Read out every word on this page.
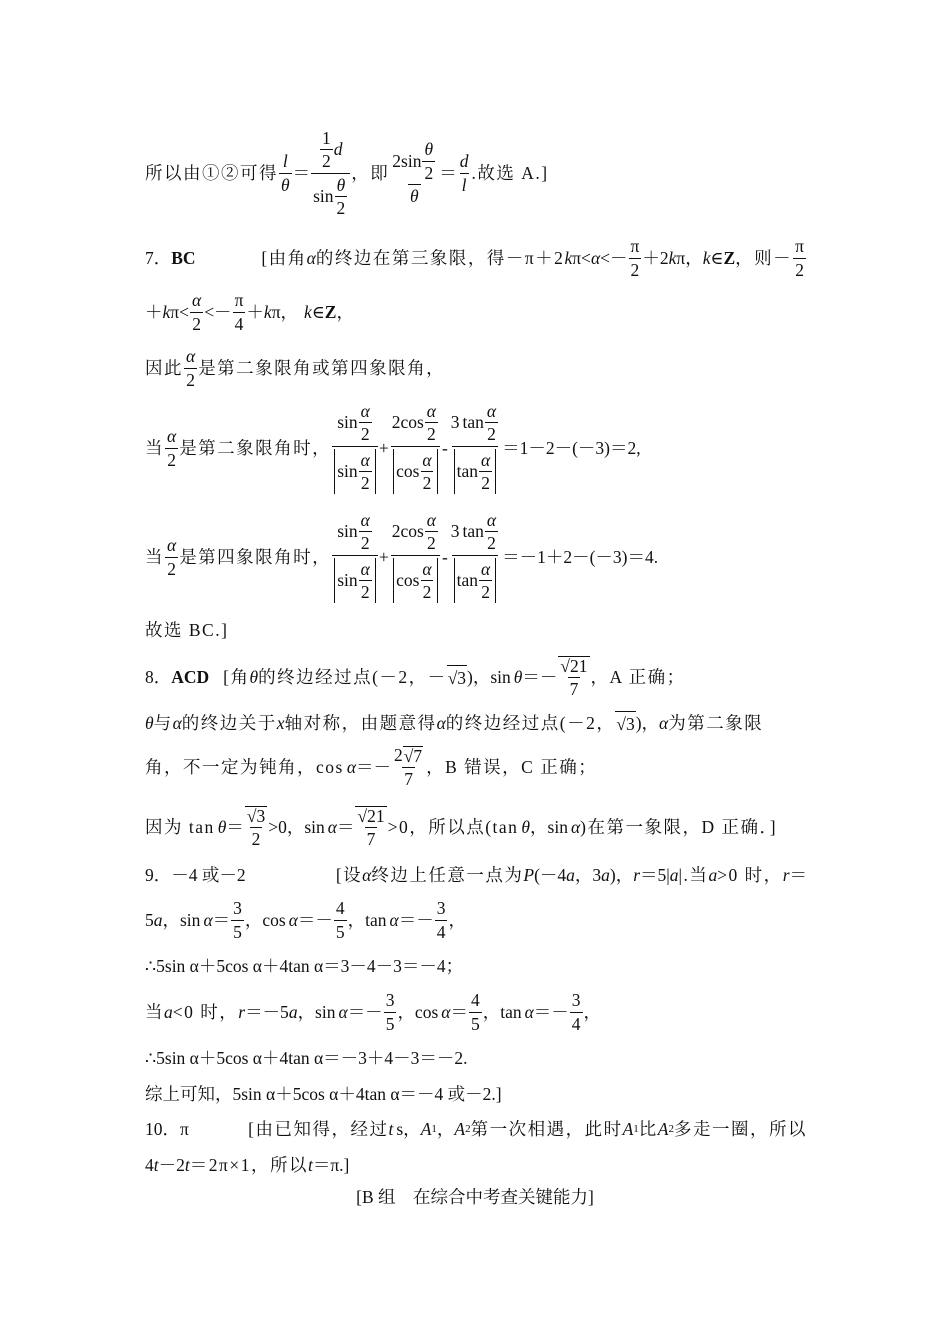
所以由①②可得 $\frac{l}{\theta} = \frac{\frac{1}{2} d}{\sin \frac{\theta}{2}}$ ，即 $\frac{2 \sin \frac{\theta}{2}}{\theta} = \frac{d}{l}$ .故选 A.]
7． BC	[由角 α 的终边在第三象限，得－π＋2 k $\pi< \alpha <- \frac{\pi}{2} +2$ k π， k ∈ Z ，则－ $\frac{\pi}{2}$
＋ k $\pi< \frac{\alpha}{2} <- \frac{\pi}{4} + k$ π， k ∈ Z ，
因此 $\frac{\alpha}{2}$ 是第二象限角或第四象限角，
当 $\frac{\alpha}{2}$ 是第二象限角时， $\frac{\sin \frac{\alpha}{2}}{\sin \frac{\alpha}{2}} + \frac{2 \cos \frac{\alpha}{2}}{\cos \frac{\alpha}{2}} - \frac{3 \tan \frac{\alpha}{2}}{\tan \frac{\alpha}{2}} =1-2-(-3)=2$,
当 $\frac{\alpha}{2}$ 是第四象限角时， $\frac{\sin \frac{\alpha}{2}}{\sin \frac{\alpha}{2}} + \frac{2 \cos \frac{\alpha}{2}}{\cos \frac{\alpha}{2}} - \frac{3 \tan \frac{\alpha}{2}}{\tan \frac{\alpha}{2}} =-1+2-(-3)=4$.
故选 BC.]
8． ACD [角 θ 的终边经过点(－2，－ √3 )，$\sin \theta =- \frac{√21}{7}$ ，A 正确；
θ 与 α 的终边关于 x 轴对称，由题意得 α 的终边经过点(－2， √3 )， α 为第二象限
角，不一定为钝角，$\cos \alpha =- \frac{2 √7}{7}$ ，B 错误，C 正确；
因为 $\tan \theta = \frac{√3}{2} >0$，$\sin \alpha = \frac{√21}{7} >0$，所以点(tan θ ，sin α )在第一象限，D 正确．]
9． －4 或－2	[设 α 终边上任意一点为 P (－4 a ，3 a )， r ＝5| a |.当 a >0 时， r ＝
5 a ，$\sin \alpha = \frac{3}{5}$ ，$\cos \alpha =- \frac{4}{5}$ ，$\tan \alpha =- \frac{3}{4}$ ，
∴5sin α＋5cos α＋4tan α＝3－4－3＝－4；
当 a <0 时， r ＝－5 a ，$\sin \alpha =- \frac{3}{5}$ ，$\cos \alpha = \frac{4}{5}$ ，$\tan \alpha =- \frac{3}{4}$ ，
∴5sin α＋5cos α＋4tan α＝－3＋4－3＝－2.
综上可知，5sin α＋5cos α＋4tan α＝－4 或－2.]
10． π	[由已知得，经过 t s， A 1 ， A 2 第一次相遇，此时 A 1 比 A 2 多走一圈，所以
4 t －2 t ＝2π×1，所以 t ＝π.]
[B 组　在综合中考查关键能力]
